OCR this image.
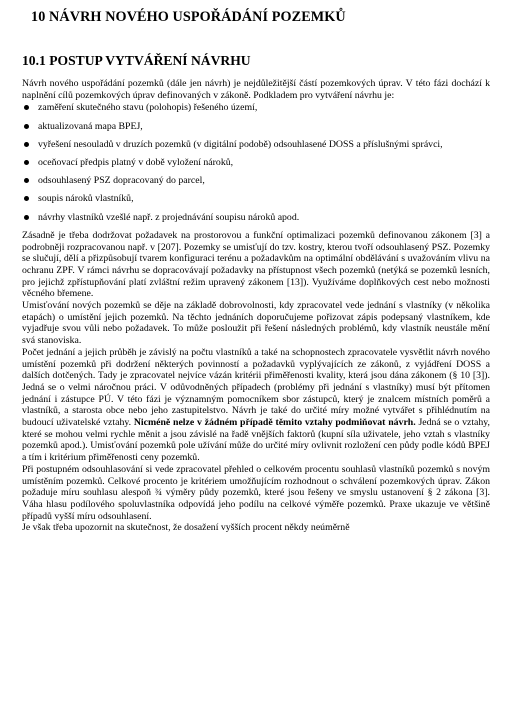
10 NÁVRH NOVÉHO USPOŘÁDÁNÍ POZEMKŮ
10.1 POSTUP VYTVÁŘENÍ NÁVRHU

Návrh nového uspořádání pozemků (dále jen návrh) je nejdůležitější částí pozemkových úprav. V této fázi dochází k naplnění cílů pozemkových úprav definovaných v zákoně. Podkladem pro vytváření návrhu je:

zaměření skutečného stavu (polohopis) řešeného území,
aktualizovaná mapa BPEJ,
vyřešení nesouladů v druzích pozemků (v digitální podobě) odsouhlasené DOSS a příslušnými správci,
oceňovací předpis platný v době vyložení nároků,
odsouhlasený PSZ dopracovaný do parcel,
soupis nároků vlastníků,
návrhy vlastníků vzešlé např. z projednávání soupisu nároků apod.

Zásadně je třeba dodržovat požadavek na prostorovou a funkční optimalizaci pozemků definovanou zákonem [3] a podrobněji rozpracovanou např. v [207]. Pozemky se umisťují do tzv. kostry, kterou tvoří odsouhlasený PSZ. Pozemky se slučují, dělí a přizpůsobují tvarem konfiguraci terénu a požadavkům na optimální obdělávání s uvažováním vlivu na ochranu ZPF. V rámci návrhu se dopracovávají požadavky na přístupnost všech pozemků (netýká se pozemků lesních, pro jejichž zpřístupňování platí zvláštní režim upravený zákonem [13]). Využíváme doplňkových cest nebo možnosti věcného břemene.

Umisťování nových pozemků se děje na základě dobrovolnosti, kdy zpracovatel vede jednání s vlastníky (v několika etapách) o umístění jejich pozemků. Na těchto jednáních doporučujeme pořizovat zápis podepsaný vlastníkem, kde vyjadřuje svou vůli nebo požadavek. To může posloužit při řešení následných problémů, kdy vlastník neustále mění svá stanoviska.

Počet jednání a jejich průběh je závislý na počtu vlastníků a také na schopnostech zpracovatele vysvětlit návrh nového umístění pozemků při dodržení některých povinností a požadavků vyplývajících ze zákonů, z vyjádření DOSS a dalších dotčených. Tady je zpracovatel nejvíce vázán kritérii přiměřenosti kvality, která jsou dána zákonem (§ 10 [3]). Jedná se o velmi náročnou práci. V odůvodněných případech (problémy při jednání s vlastníky) musí být přítomen jednání i zástupce PÚ. V této fázi je významným pomocníkem sbor zástupců, který je znalcem místních poměrů a vlastníků, a starosta obce nebo jeho zastupitelstvo. Návrh je také do určité míry možné vytvářet s přihlédnutím na budoucí uživatelské vztahy. Nicméně nelze v žádném případě těmito vztahy podmiňovat návrh. Jedná se o vztahy, které se mohou velmi rychle měnit a jsou závislé na řadě vnějších faktorů (kupní síla uživatele, jeho vztah s vlastníky pozemků apod.). Umisťování pozemků pole užívání může do určité míry ovlivnit rozložení cen půdy podle kódů BPEJ a tím i kritérium přiměřenosti ceny pozemků.

Při postupném odsouhlasování si vede zpracovatel přehled o celkovém procentu souhlasů vlastníků pozemků s novým umístěním pozemků. Celkové procento je kritériem umožňujícím rozhodnout o schválení pozemkových úprav. Zákon požaduje míru souhlasu alespoň ¾ výměry půdy pozemků, které jsou řešeny ve smyslu ustanovení § 2 zákona [3]. Váha hlasu podílového spoluvlastníka odpovídá jeho podílu na celkové výměře pozemků. Praxe ukazuje ve většině případů vyšší míru odsouhlasení.

Je však třeba upozornit na skutečnost, že dosažení vyšších procent někdy neúměrně
